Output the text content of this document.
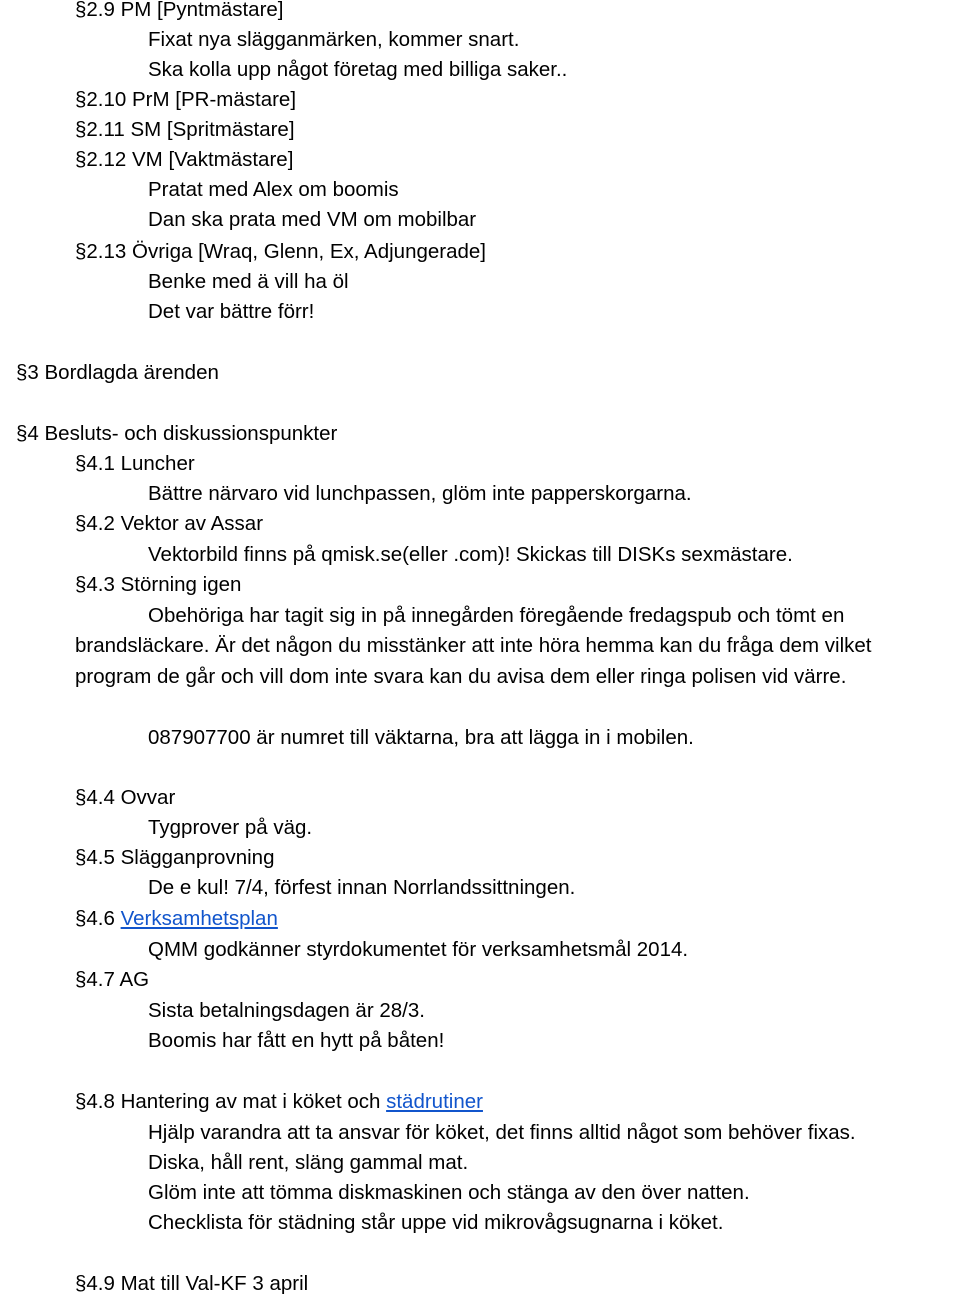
§2.9 PM [Pyntmästare]
Fixat nya slägganmärken, kommer snart.
Ska kolla upp något företag med billiga saker..
§2.10 PrM [PR-mästare]
§2.11 SM [Spritmästare]
§2.12 VM [Vaktmästare]
Pratat med Alex om boomis
Dan ska prata med VM om mobilbar
§2.13 Övriga [Wraq, Glenn, Ex, Adjungerade]
Benke med ä vill ha öl
Det var bättre förr!
§3 Bordlagda ärenden
§4 Besluts- och diskussionspunkter
§4.1 Luncher
Bättre närvaro vid lunchpassen, glöm inte papperskorgarna.
§4.2 Vektor av Assar
Vektorbild finns på qmisk.se(eller .com)! Skickas till DISKs sexmästare.
§4.3 Störning igen
Obehöriga har tagit sig in på innegården föregående fredagspub och tömt en
brandsläckare. Är det någon du misstänker att inte höra hemma kan du fråga dem vilket
program de går och vill dom inte svara kan du avisa dem eller ringa polisen vid värre.
087907700 är numret till väktarna, bra att lägga in i mobilen.
§4.4 Ovvar
Tygprover på väg.
§4.5 Slägganprovning
De e kul! 7/4, förfest innan Norrlandssittningen.
§4.6 Verksamhetsplan
QMM godkänner styrdokumentet för verksamhetsmål 2014.
§4.7 AG
Sista betalningsdagen är 28/3.
Boomis har fått en hytt på båten!
§4.8 Hantering av mat i köket och städrutiner
Hjälp varandra att ta ansvar för köket, det finns alltid något som behöver fixas.
Diska, håll rent, släng gammal mat.
Glöm inte att tömma diskmaskinen och stänga av den över natten.
Checklista för städning står uppe vid mikrovågsugnarna i köket.
§4.9 Mat till Val-KF 3 april
